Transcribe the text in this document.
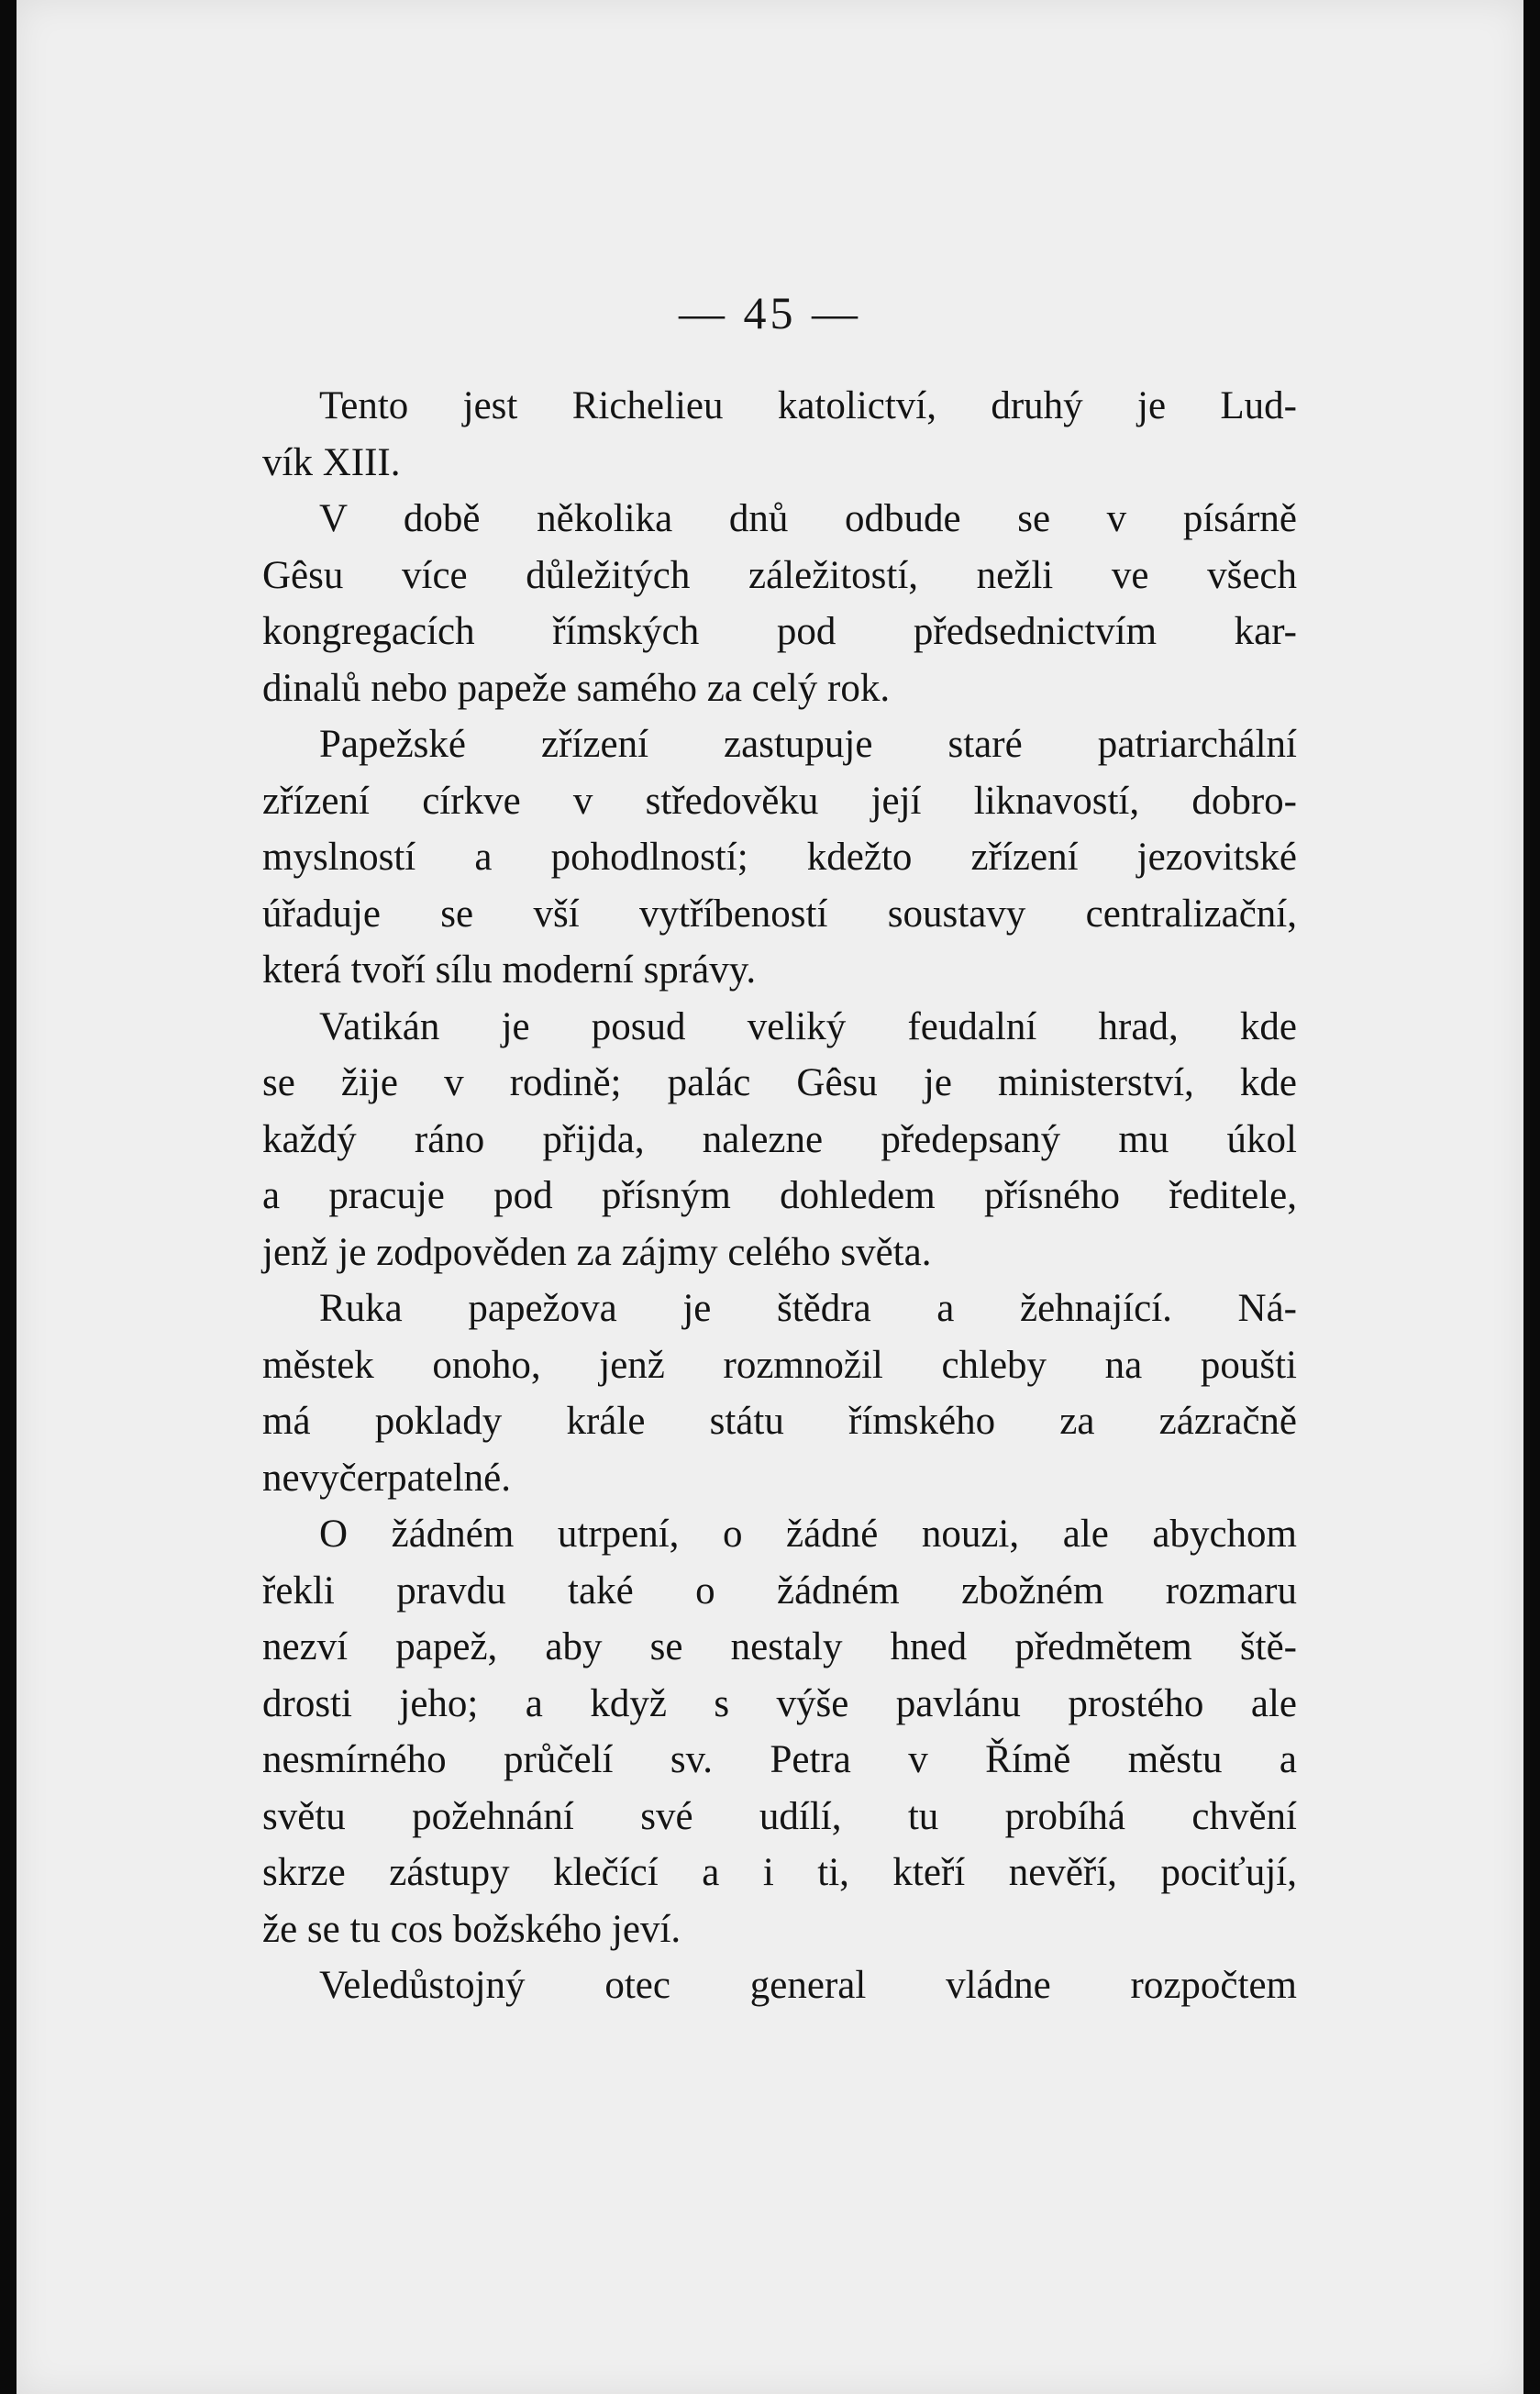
— 45 —
Tento jest Richelieu katolictví, druhý je Lud-
vík XIII.
V době několika dnů odbude se v písárně
Gêsu více důležitých záležitostí, nežli ve všech
kongregacích římských pod předsednictvím kar-
dinalů nebo papeže samého za celý rok.
Papežské zřízení zastupuje staré patriarchální
zřízení církve v středověku její liknavostí, dobro-
myslností a pohodlností; kdežto zřízení jezovitské
úřaduje se vší vytříbeností soustavy centralizační,
která tvoří sílu moderní správy.
Vatikán je posud veliký feudalní hrad, kde
se žije v rodině; palác Gêsu je ministerství, kde
každý ráno přijda, nalezne předepsaný mu úkol
a pracuje pod přísným dohledem přísného ředitele,
jenž je zodpověden za zájmy celého světa.
Ruka papežova je štědra a žehnající. Ná-
městek onoho, jenž rozmnožil chleby na poušti
má poklady krále státu římského za zázračně
nevyčerpatelné.
O žádném utrpení, o žádné nouzi, ale abychom
řekli pravdu také o žádném zbožném rozmaru
nezví papež, aby se nestaly hned předmětem ště-
drosti jeho; a když s výše pavlánu prostého ale
nesmírného průčelí sv. Petra v Římě městu a
světu požehnání své udílí, tu probíhá chvění
skrze zástupy klečící a i ti, kteří nevěří, pociťují,
že se tu cos božského jeví.
Veledůstojný otec general vládne rozpočtem
